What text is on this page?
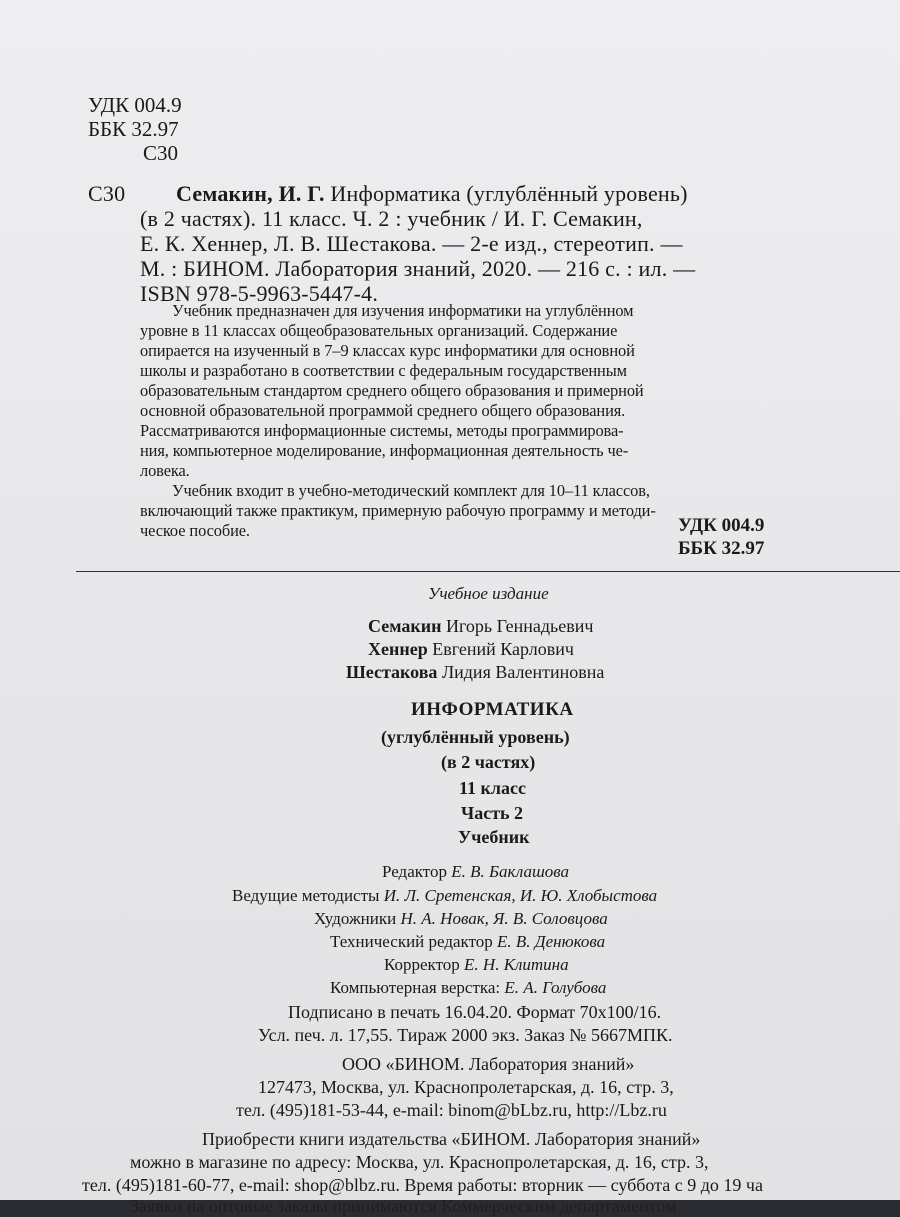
УДК 004.9
ББК 32.97
С30
С30 Семакин, И. Г. Информатика (углублённый уровень)
(в 2 частях). 11 класс. Ч. 2 : учебник / И. Г. Семакин,
Е. К. Хеннер, Л. В. Шестакова. — 2-е изд., стереотип. —
М. : БИНОМ. Лаборатория знаний, 2020. — 216 с. : ил. —
ISBN 978-5-9963-5447-4.
Учебник предназначен для изучения информатики на углублённом
уровне в 11 классах общеобразовательных организаций. Содержание
опирается на изученный в 7–9 классах курс информатики для основной
школы и разработано в соответствии с федеральным государственным
образовательным стандартом среднего общего образования и примерной
основной образовательной программой среднего общего образования.
Рассматриваются информационные системы, методы программирова-
ния, компьютерное моделирование, информационная деятельность че-
ловека.
Учебник входит в учебно-методический комплект для 10–11 классов,
включающий также практикум, примерную рабочую программу и методи-
ческое пособие.	УДК 004.9
ББК 32.97
Учебное издание
Семакин Игорь Геннадьевич
Хеннер Евгений Карлович
Шестакова Лидия Валентиновна
ИНФОРМАТИКА
(углублённый уровень)
(в 2 частях)
11 класс
Часть 2
Учебник
Редактор Е. В. Баклашова
Ведущие методисты И. Л. Сретенская, И. Ю. Хлобыстова
Художники Н. А. Новак, Я. В. Соловцова
Технический редактор Е. В. Денюкова
Корректор Е. Н. Клитина
Компьютерная верстка: Е. А. Голубова
Подписано в печать 16.04.20. Формат 70x100/16.
Усл. печ. л. 17,55. Тираж 2000 экз. Заказ № 5667МПК.
ООО «БИНОМ. Лаборатория знаний»
127473, Москва, ул. Краснопролетарская, д. 16, стр. 3,
тел. (495)181-53-44, e-mail: binom@bLbz.ru, http://Lbz.ru
Приобрести книги издательства «БИНОМ. Лаборатория знаний»
можно в магазине по адресу: Москва, ул. Краснопролетарская, д. 16, стр. 3,
тел. (495)181-60-77, e-mail: shop@blbz.ru. Время работы: вторник — суббота с 9 до 19 ча
Заявки на оптовые заказы принимаются Коммерческим департаментом
